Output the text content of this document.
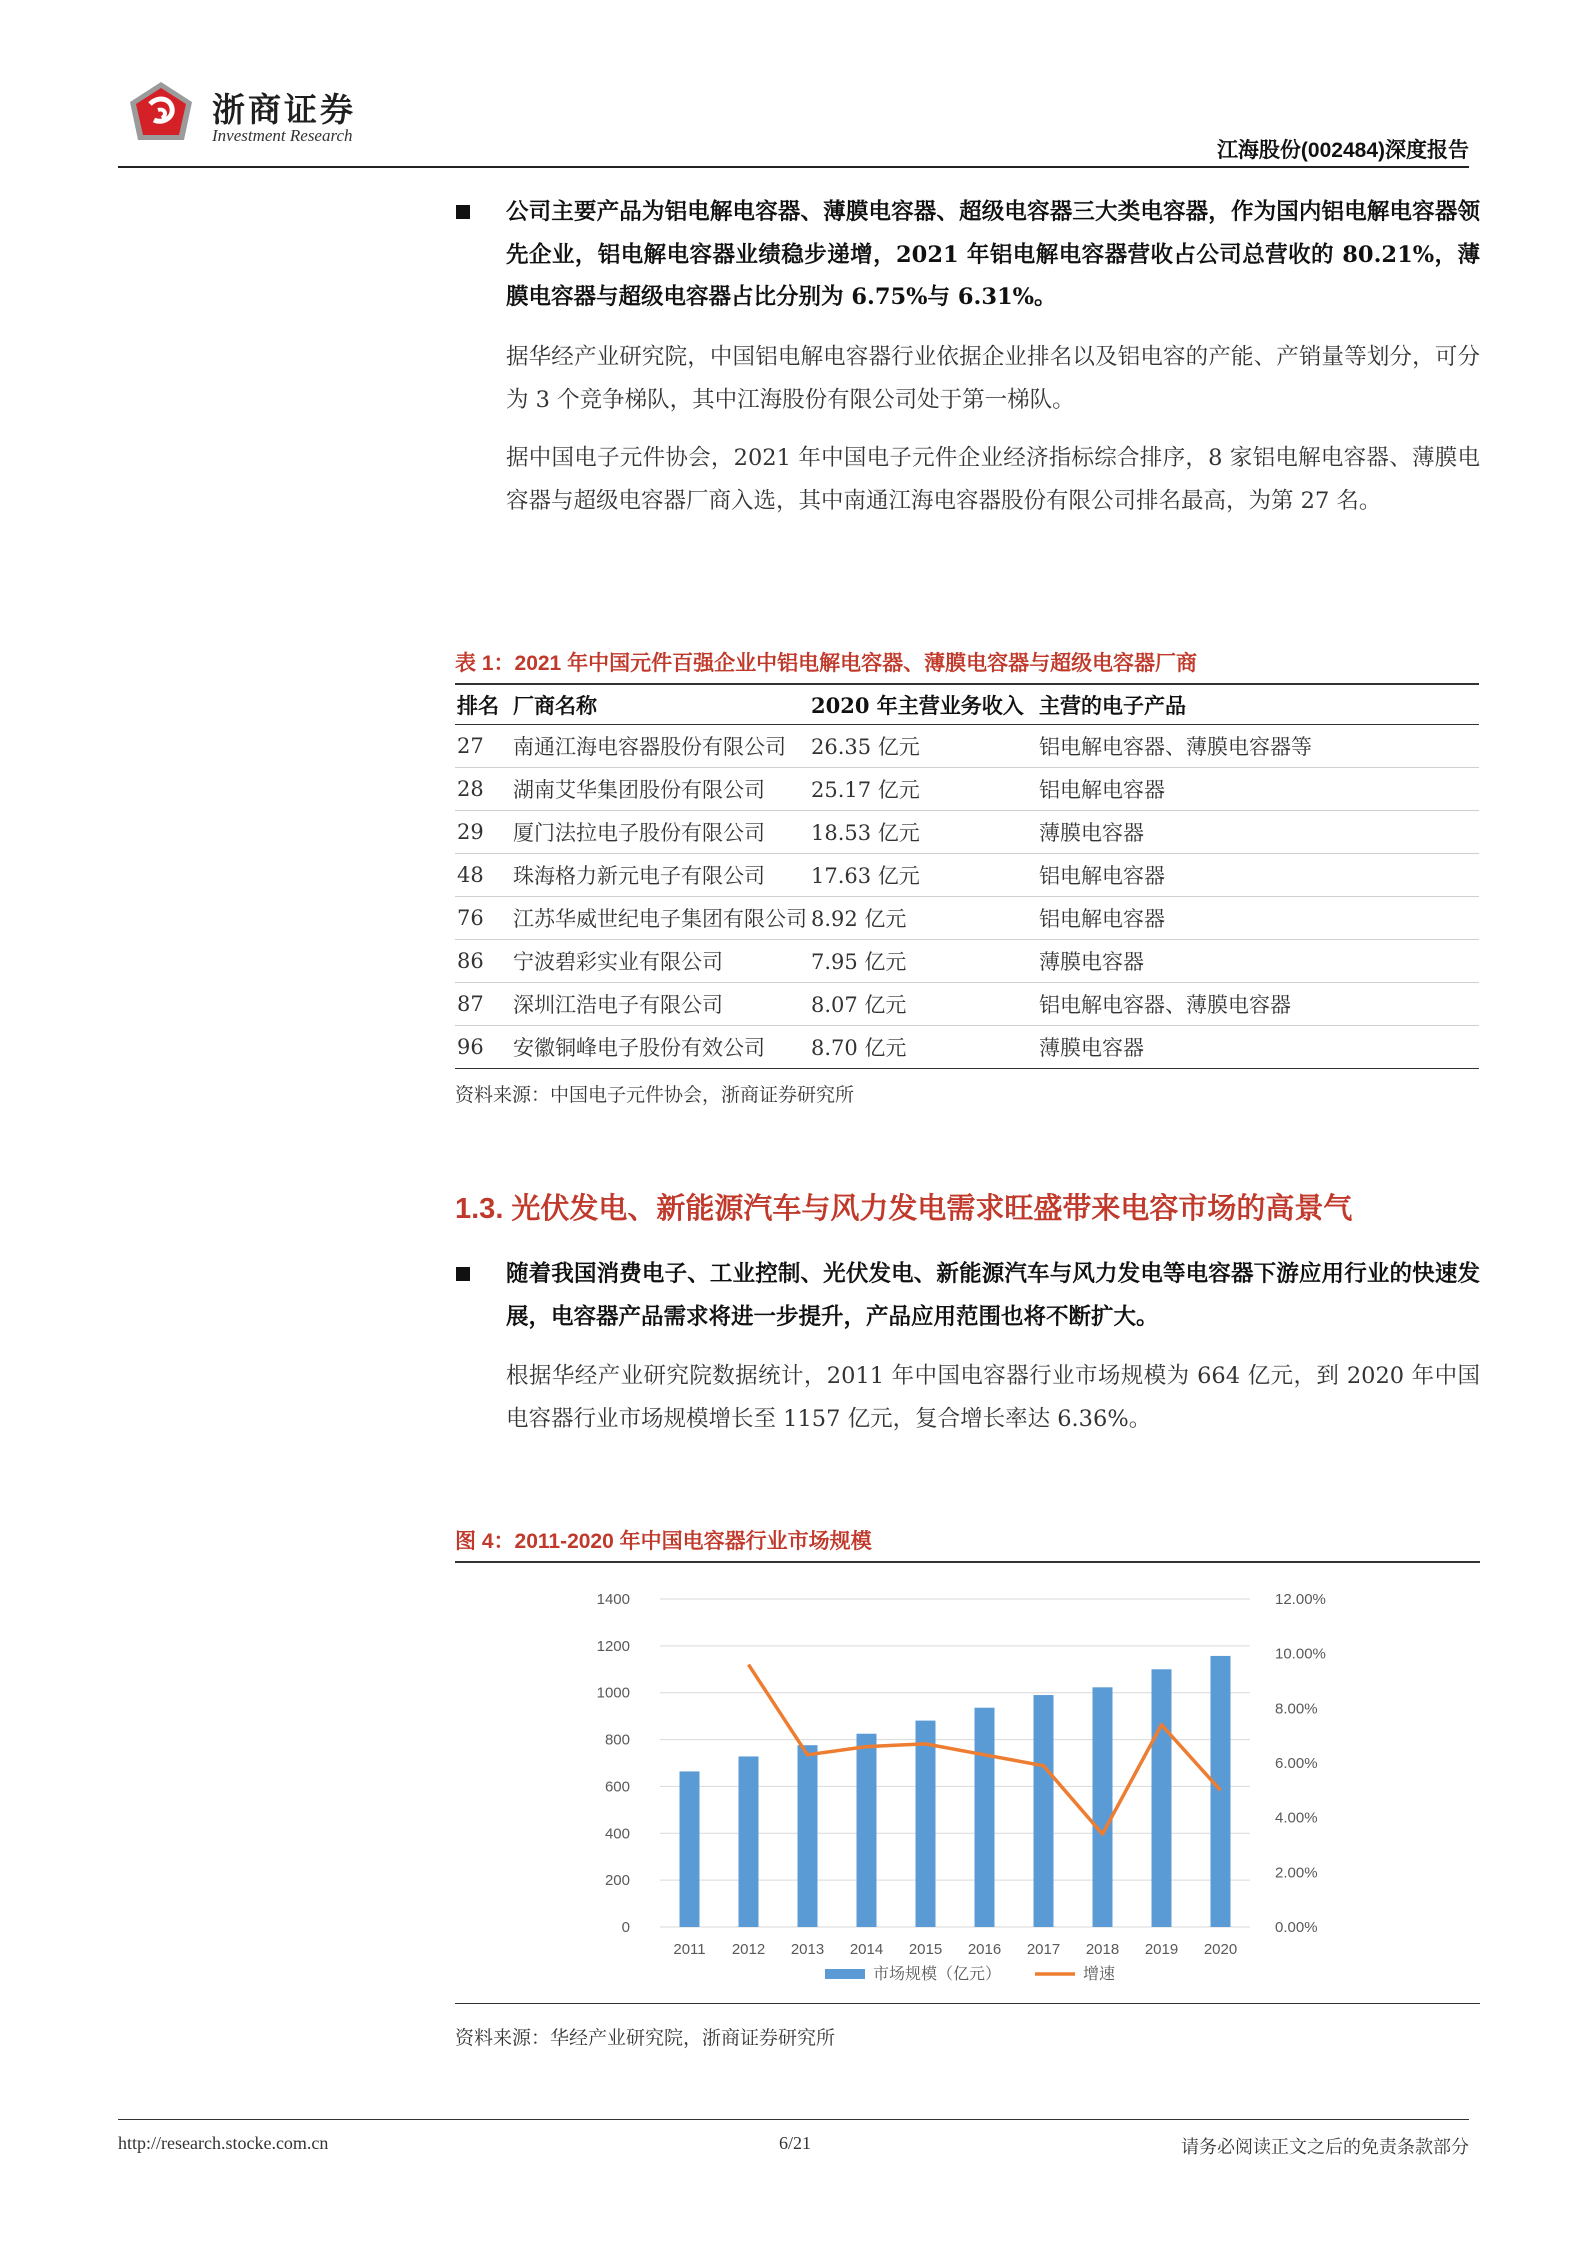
浙商证券
Investment Research
江海股份(002484)深度报告
公司主要产品为铝电解电容器、薄膜电容器、超级电容器三大类电容器，作为国内铝电解电容器领先企业，铝电解电容器业绩稳步递增，2021 年铝电解电容器营收占公司总营收的 80.21%，薄膜电容器与超级电容器占比分别为 6.75%与 6.31%。
据华经产业研究院，中国铝电解电容器行业依据企业排名以及铝电容的产能、产销量等划分，可分为 3 个竞争梯队，其中江海股份有限公司处于第一梯队。
据中国电子元件协会，2021 年中国电子元件企业经济指标综合排序，8 家铝电解电容器、薄膜电容器与超级电容器厂商入选，其中南通江海电容器股份有限公司排名最高，为第 27 名。
表 1：2021 年中国元件百强企业中铝电解电容器、薄膜电容器与超级电容器厂商
排名	厂商名称	2020 年主营业务收入	主营的电子产品
27	南通江海电容器股份有限公司	26.35 亿元	铝电解电容器、薄膜电容器等
28	湖南艾华集团股份有限公司	25.17 亿元	铝电解电容器
29	厦门法拉电子股份有限公司	18.53 亿元	薄膜电容器
48	珠海格力新元电子有限公司	17.63 亿元	铝电解电容器
76	江苏华威世纪电子集团有限公司	8.92 亿元	铝电解电容器
86	宁波碧彩实业有限公司	7.95 亿元	薄膜电容器
87	深圳江浩电子有限公司	8.07 亿元	铝电解电容器、薄膜电容器
96	安徽铜峰电子股份有效公司	8.70 亿元	薄膜电容器
资料来源：中国电子元件协会，浙商证券研究所
1.3. 光伏发电、新能源汽车与风力发电需求旺盛带来电容市场的高景气
随着我国消费电子、工业控制、光伏发电、新能源汽车与风力发电等电容器下游应用行业的快速发展，电容器产品需求将进一步提升，产品应用范围也将不断扩大。
根据华经产业研究院数据统计，2011 年中国电容器行业市场规模为 664 亿元，到 2020 年中国电容器行业市场规模增长至 1157 亿元，复合增长率达 6.36%。
图 4：2011-2020 年中国电容器行业市场规模
0
200
400
600
800
1000
1200
1400
0.00%
2.00%
4.00%
6.00%
8.00%
10.00%
12.00%
2011 2012 2013 2014 2015 2016 2017 2018 2019 2020
市场规模（亿元）	增速
资料来源：华经产业研究院，浙商证券研究所
http://research.stocke.com.cn	6/21	请务必阅读正文之后的免责条款部分
